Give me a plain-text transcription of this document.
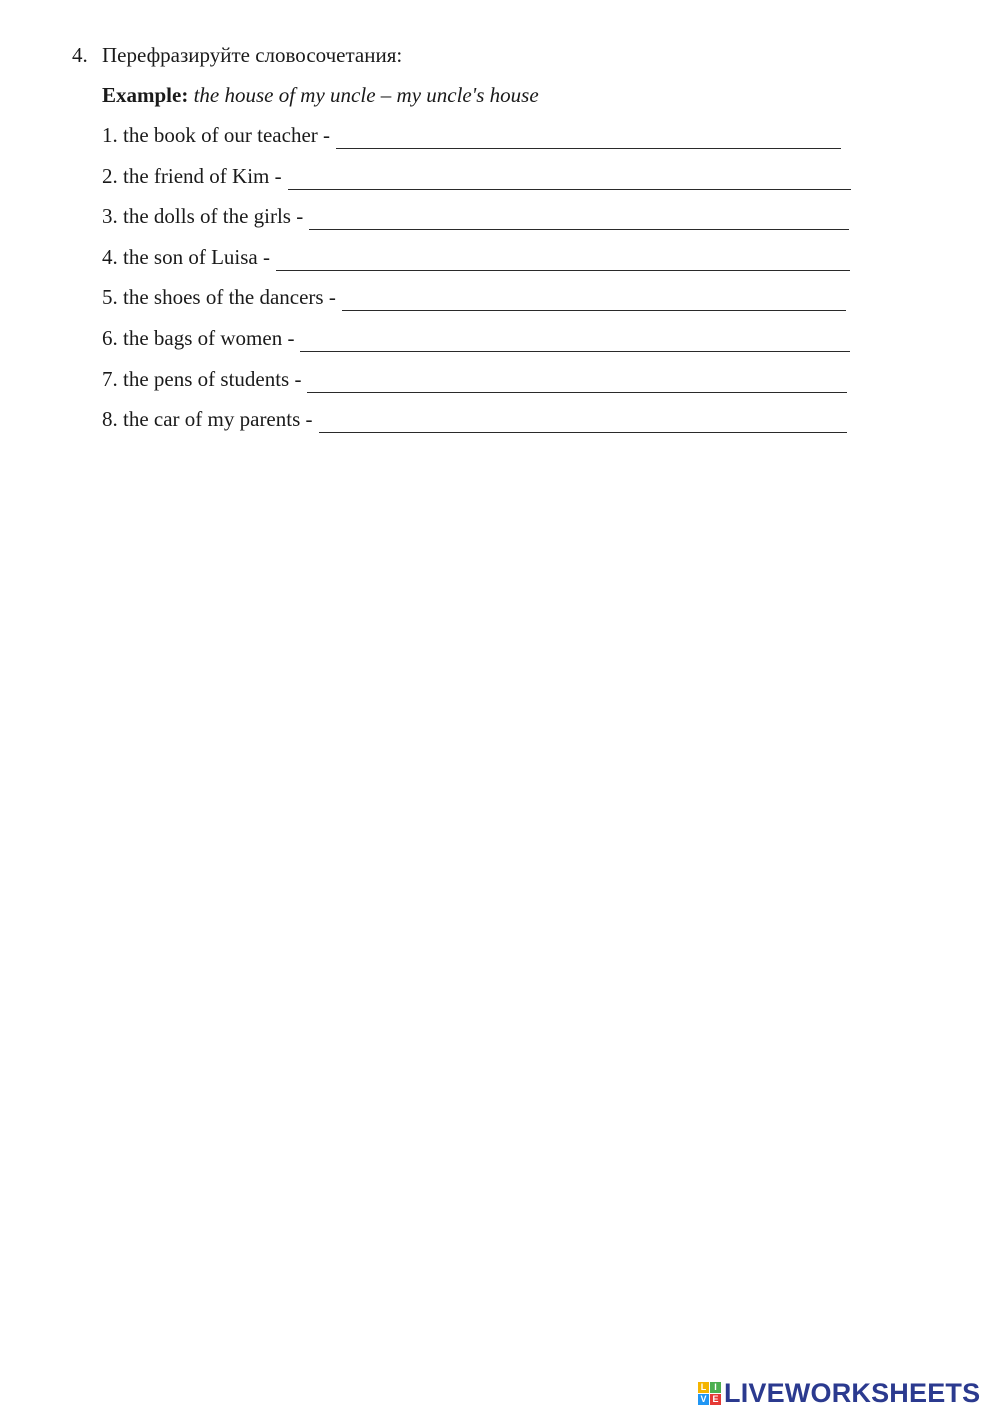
4. Перефразируйте словосочетания:
Example: the house of my uncle – my uncle's house
1. the book of our teacher -
2. the friend of Kim -
3. the dolls of the girls -
4. the son of Luisa -
5. the shoes of the dancers -
6. the bags of women -
7. the pens of students -
8. the car of my parents -
L I
V E LIVEWORKSHEETS
